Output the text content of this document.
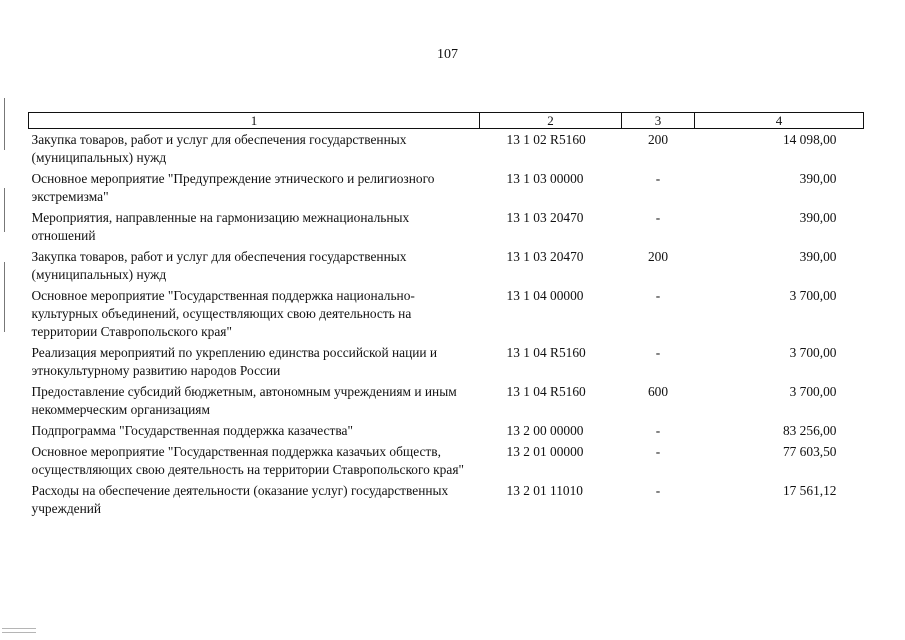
107
1	2	3	4
Закупка товаров, работ и услуг для обеспечения государственных (муниципальных) нужд	13 1 02 R5160	200	14 098,00
Основное мероприятие "Предупреждение этнического и религиозного экстремизма"	13 1 03 00000	-	390,00
Мероприятия, направленные на гармонизацию межнациональных отношений	13 1 03 20470	-	390,00
Закупка товаров, работ и услуг для обеспечения государственных (муниципальных) нужд	13 1 03 20470	200	390,00
Основное мероприятие "Государственная поддержка национально-культурных объединений, осуществляющих свою деятельность на территории Ставропольского края"	13 1 04 00000	-	3 700,00
Реализация мероприятий по укреплению единства российской нации и этнокультурному развитию народов России	13 1 04 R5160	-	3 700,00
Предоставление субсидий бюджетным, автономным учреждениям и иным некоммерческим организациям	13 1 04 R5160	600	3 700,00
Подпрограмма "Государственная поддержка казачества"	13 2 00 00000	-	83 256,00
Основное мероприятие "Государственная поддержка казачьих обществ, осуществляющих свою деятельность на территории Ставропольского края"	13 2 01 00000	-	77 603,50
Расходы на обеспечение деятельности (оказание услуг) государственных учреждений	13 2 01 11010	-	17 561,12
